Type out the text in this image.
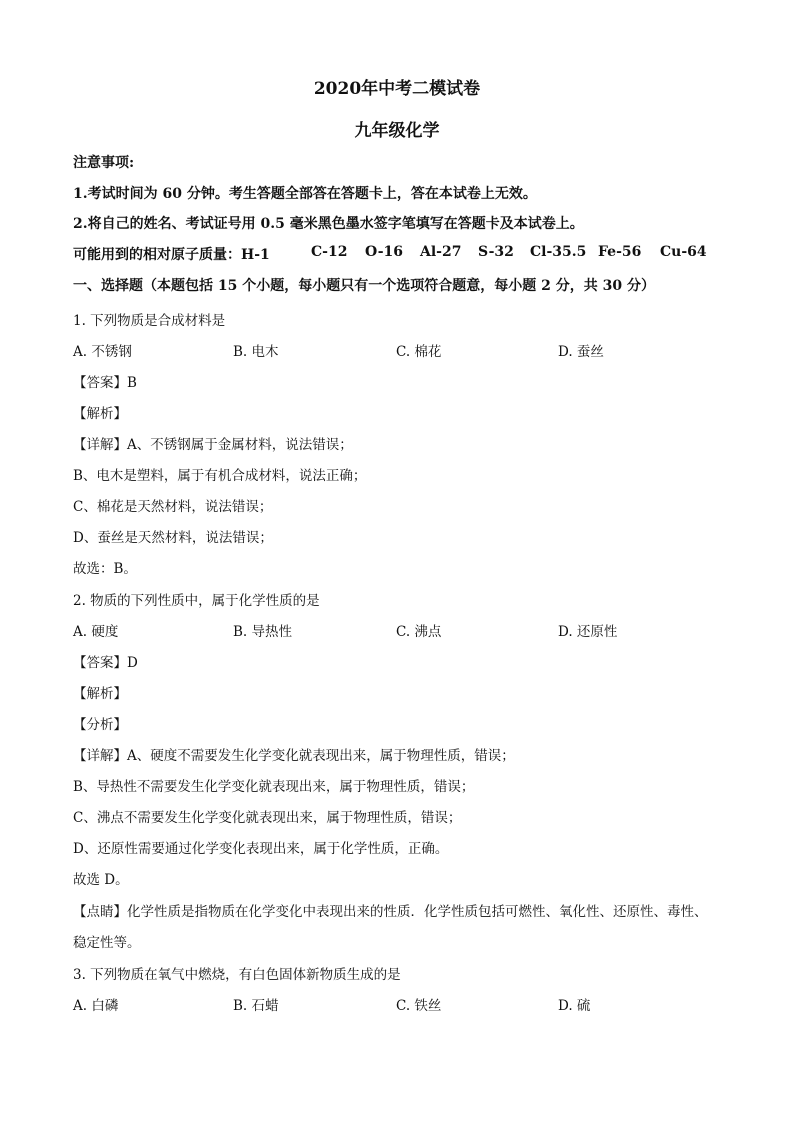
2020年中考二模试卷
九年级化学
注意事项:
1.考试时间为 60 分钟。考生答题全部答在答题卡上，答在本试卷上无效。
2.将自己的姓名、考试证号用 0.5 毫米黑色墨水签字笔填写在答题卡及本试卷上。
可能用到的相对原子质量：H-1	C-12 O-16 Al-27 S-32 Cl-35.5 Fe-56 Cu-64
一、选择题（本题包括 15 个小题，每小题只有一个选项符合题意，每小题 2 分，共 30 分）
1. 下列物质是合成材料是
A. 不锈钢	B. 电木	C. 棉花	D. 蚕丝
【答案】B
【解析】
【详解】A、不锈钢属于金属材料，说法错误；
B、电木是塑料，属于有机合成材料，说法正确；
C、棉花是天然材料，说法错误；
D、蚕丝是天然材料，说法错误；
故选：B。
2. 物质的下列性质中，属于化学性质的是
A. 硬度	B. 导热性	C. 沸点	D. 还原性
【答案】D
【解析】
【分析】
【详解】A、硬度不需要发生化学变化就表现出来，属于物理性质，错误；
B、导热性不需要发生化学变化就表现出来，属于物理性质，错误；
C、沸点不需要发生化学变化就表现出来，属于物理性质，错误；
D、还原性需要通过化学变化表现出来，属于化学性质，正确。
故选 D。
【点睛】化学性质是指物质在化学变化中表现出来的性质．化学性质包括可燃性、氧化性、还原性、毒性、
稳定性等。
3. 下列物质在氧气中燃烧，有白色固体新物质生成的是
A. 白磷	B. 石蜡	C. 铁丝	D. 硫
